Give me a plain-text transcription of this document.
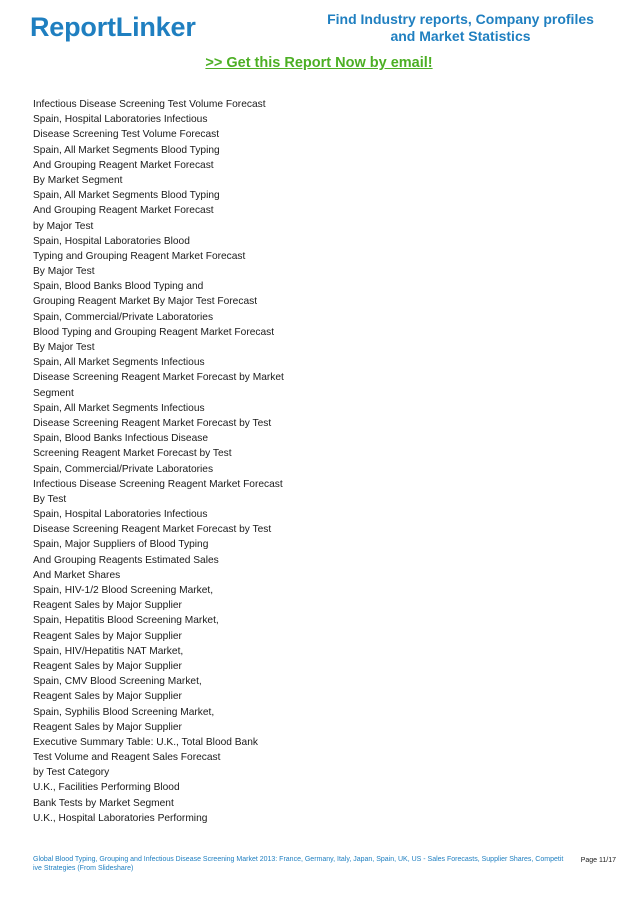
ReportLinker	Find Industry reports, Company profiles
and Market Statistics
>> Get this Report Now by email!
Infectious Disease Screening Test Volume Forecast
Spain, Hospital Laboratories Infectious
Disease Screening Test Volume Forecast
Spain, All Market Segments Blood Typing
And Grouping Reagent Market Forecast
By Market Segment
Spain, All Market Segments Blood Typing
And Grouping Reagent Market Forecast
by Major Test
Spain, Hospital Laboratories Blood
Typing and Grouping Reagent Market Forecast
By Major Test
Spain, Blood Banks Blood Typing and
Grouping Reagent Market By Major Test Forecast
Spain, Commercial/Private Laboratories
Blood Typing and Grouping Reagent Market Forecast
By Major Test
Spain, All Market Segments Infectious
Disease Screening Reagent Market Forecast by Market
Segment
Spain, All Market Segments Infectious
Disease Screening Reagent Market Forecast by Test
Spain, Blood Banks Infectious Disease
Screening Reagent Market Forecast by Test
Spain, Commercial/Private Laboratories
Infectious Disease Screening Reagent Market Forecast
By Test
Spain, Hospital Laboratories Infectious
Disease Screening Reagent Market Forecast by Test
Spain, Major Suppliers of Blood Typing
And Grouping Reagents Estimated Sales
And Market Shares
Spain, HIV-1/2 Blood Screening Market,
Reagent Sales by Major Supplier
Spain, Hepatitis Blood Screening Market,
Reagent Sales by Major Supplier
Spain, HIV/Hepatitis NAT Market,
Reagent Sales by Major Supplier
Spain, CMV Blood Screening Market,
Reagent Sales by Major Supplier
Spain, Syphilis Blood Screening Market,
Reagent Sales by Major Supplier
Executive Summary Table: U.K., Total Blood Bank
Test Volume and Reagent Sales Forecast
by Test Category
U.K., Facilities Performing Blood
Bank Tests by Market Segment
U.K., Hospital Laboratories Performing
Global Blood Typing, Grouping and Infectious Disease Screening Market 2013: France, Germany, Italy, Japan, Spain, UK, US - Sales Forecasts, Supplier Shares, Competit
ive Strategies (From Slideshare)
Page 11/17
